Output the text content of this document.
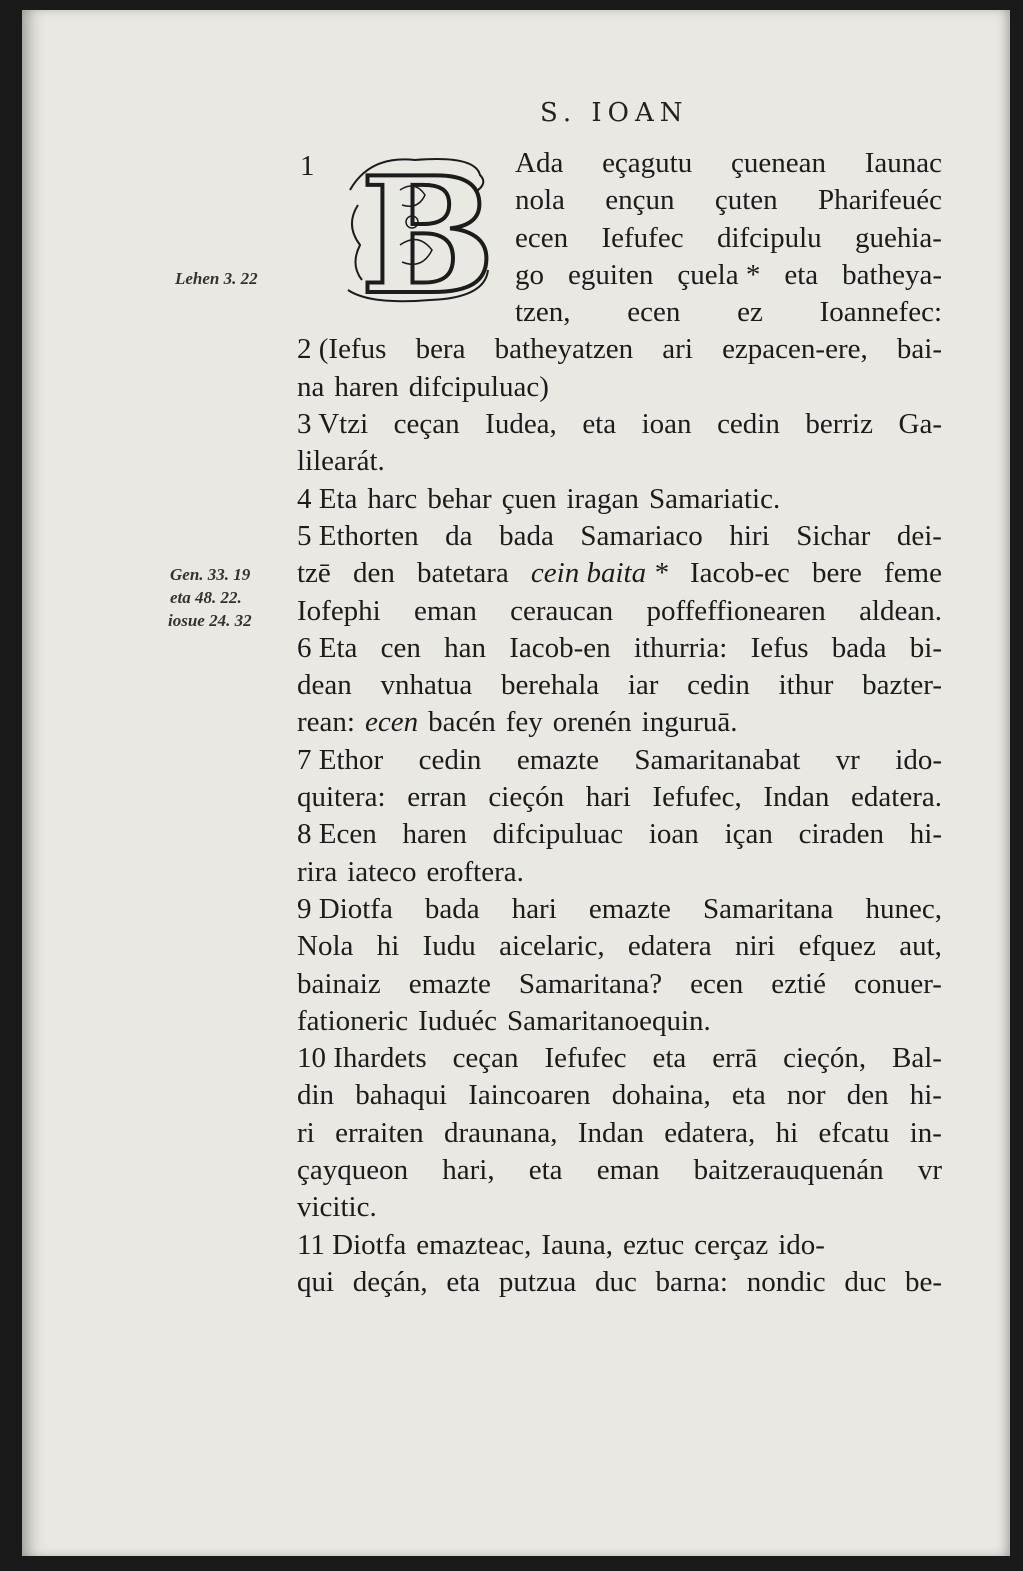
S. IOAN
1 B
Lehen 3. 22
Gen. 33. 19
eta 48. 22.
iosue 24. 32
Ada eçagutu çuenean Iaunac
nola ençun çuten Pharifeuéc
ecen Iefufec difcipulu guehia-
go eguiten çuela * eta batheya-
tzen, ecen ez Ioannefec:
2 (Iefus bera batheyatzen ari ezpacen-ere, bai-
na haren difcipuluac)
3 Vtzi ceçan Iudea, eta ioan cedin berriz Ga-
lilearát.
4 Eta harc behar çuen iragan Samariatic.
5 Ethorten da bada Samariaco hiri Sichar dei-
tzē den batetara cein baita * Iacob-ec bere feme
Iofephi eman ceraucan poffeffionearen aldean.
6 Eta cen han Iacob-en ithurria: Iefus bada bi-
dean vnhatua berehala iar cedin ithur bazter-
rean: ecen bacén fey orenén inguruā.
7 Ethor cedin emazte Samaritanabat vr ido-
quitera: erran cieçón hari Iefufec, Indan edatera.
8 Ecen haren difcipuluac ioan içan ciraden hi-
rira iateco eroftera.
9 Diotfa bada hari emazte Samaritana hunec,
Nola hi Iudu aicelaric, edatera niri efquez aut,
bainaiz emazte Samaritana? ecen eztié conuer-
fationeric Iuduéc Samaritanoequin.
10 Ihardets ceçan Iefufec eta errā cieçón, Bal-
din bahaqui Iaincoaren dohaina, eta nor den hi-
ri erraiten draunana, Indan edatera, hi efcatu in-
çayqueon hari, eta eman baitzerauquenán vr
vicitic.
11 Diotfa emazteac, Iauna, eztuc cerçaz ido-
qui deçán, eta putzua duc barna: nondic duc be-
